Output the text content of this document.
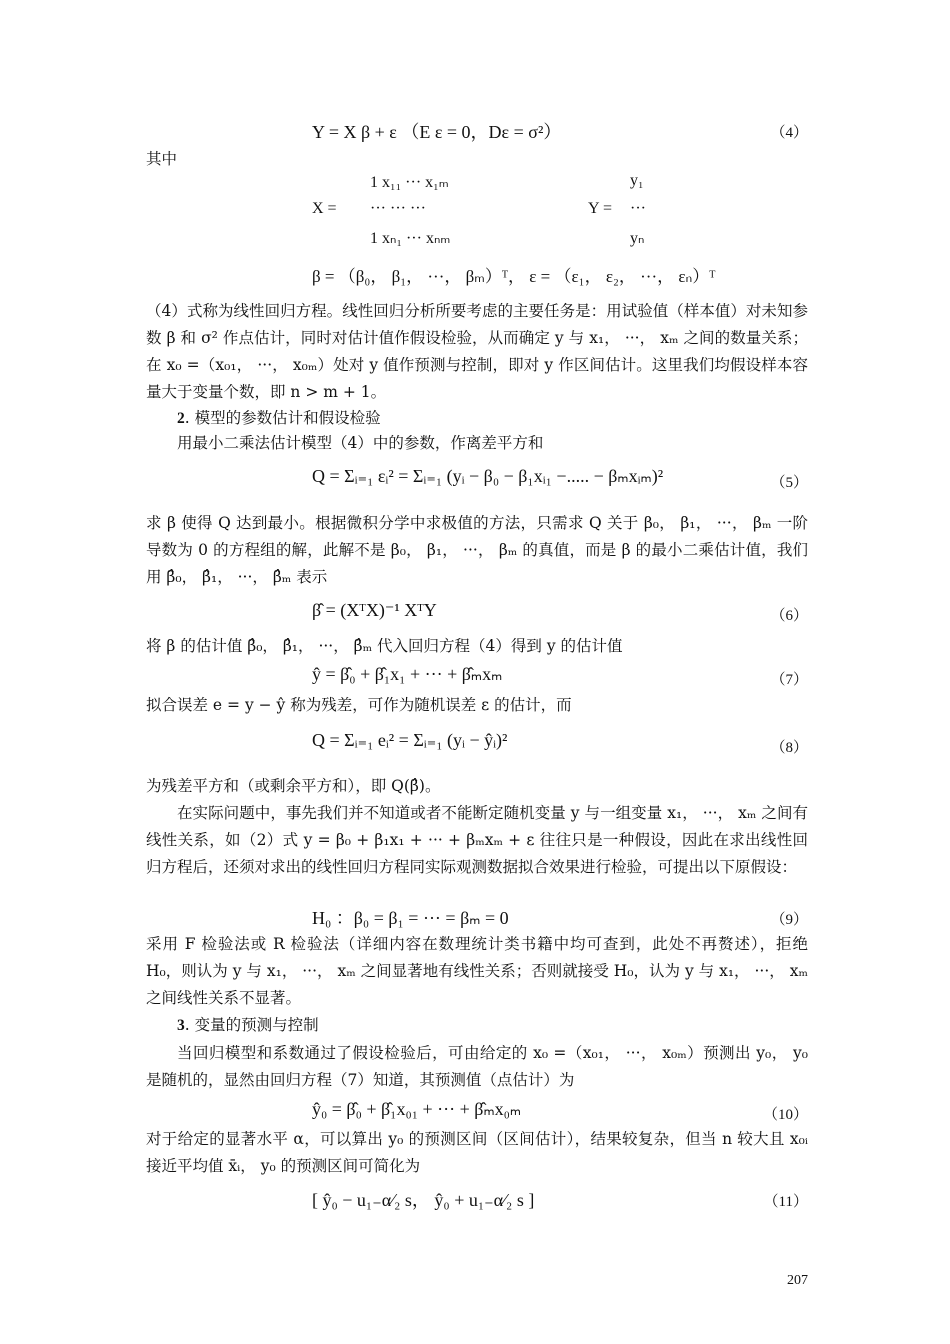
Y = X β + ε （E ε = 0，Dε = σ²）	（4）
其中
X =
1 x₁₁ ··· x₁ₘ
··· ··· ···
1 xₙ₁ ··· xₙₘ
Y =
y₁
···
yₙ
β = （β₀， β₁， ···， βₘ）ᵀ， ε = （ε₁， ε₂， ···， εₙ）ᵀ
（4）式称为线性回归方程。线性回归分析所要考虑的主要任务是：用试验值（样本值）对未知参数 β 和 σ² 作点估计，同时对估计值作假设检验，从而确定 y 与 x₁， ···， xₘ 之间的数量关系；在 x₀ =（x₀₁， ···， x₀ₘ）处对 y 值作预测与控制，即对 y 作区间估计。这里我们均假设样本容量大于变量个数，即 n > m + 1。
2. 模型的参数估计和假设检验
用最小二乘法估计模型（4）中的参数，作离差平方和
Q = Σᵢ₌₁ εᵢ² = Σᵢ₌₁ (yᵢ − β₀ − β₁xᵢ₁ −..... − βₘxᵢₘ)²	（5）
求 β 使得 Q 达到最小。根据微积分学中求极值的方法，只需求 Q 关于 β₀， β₁， ···， βₘ 一阶导数为 0 的方程组的解，此解不是 β₀， β₁， ···， βₘ 的真值，而是 β 的最小二乘估计值，我们用 β̂₀， β̂₁， ···， β̂ₘ 表示
β̂ = (XᵀX)⁻¹ XᵀY	（6）
将 β 的估计值 β̂₀， β̂₁， ···， β̂ₘ 代入回归方程（4）得到 y 的估计值
ŷ = β̂₀ + β̂₁x₁ + ··· + β̂ₘxₘ	（7）
拟合误差 e = y − ŷ 称为残差，可作为随机误差 ε 的估计，而
Q = Σᵢ₌₁ eᵢ² = Σᵢ₌₁ (yᵢ − ŷᵢ)²	（8）
为残差平方和（或剩余平方和），即 Q(β̂)。
在实际问题中，事先我们并不知道或者不能断定随机变量 y 与一组变量 x₁， ···， xₘ 之间有线性关系，如（2）式 y = β₀ + β₁x₁ + ··· + βₘxₘ + ε 往往只是一种假设，因此在求出线性回归方程后，还须对求出的线性回归方程同实际观测数据拟合效果进行检验，可提出以下原假设：
H₀ ：β₀ = β₁ = ··· = βₘ = 0	（9）
采用 F 检验法或 R 检验法（详细内容在数理统计类书籍中均可查到，此处不再赘述），拒绝 H₀，则认为 y 与 x₁， ···， xₘ 之间显著地有线性关系；否则就接受 H₀，认为 y 与 x₁， ···， xₘ 之间线性关系不显著。
3. 变量的预测与控制
当回归模型和系数通过了假设检验后，可由给定的 x₀ =（x₀₁， ···， x₀ₘ）预测出 y₀， y₀ 是随机的，显然由回归方程（7）知道，其预测值（点估计）为
ŷ₀ = β̂₀ + β̂₁x₀₁ + ··· + β̂ₘx₀ₘ	（10）
对于给定的显著水平 α，可以算出 y₀ 的预测区间（区间估计），结果较复杂，但当 n 较大且 x₀ᵢ 接近平均值 x̄ᵢ， y₀ 的预测区间可简化为
[ ŷ₀ − u₁₋α⁄₂ s， ŷ₀ + u₁₋α⁄₂ s ]	（11）
207
